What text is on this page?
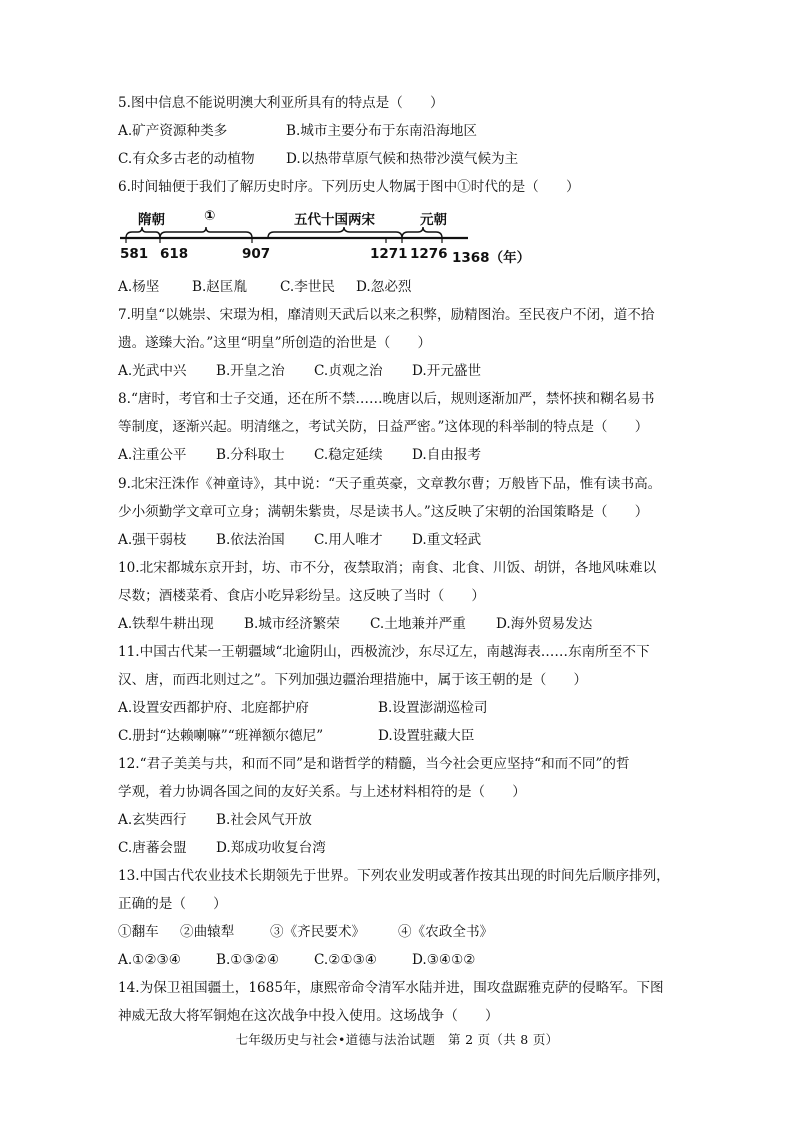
5.图中信息不能说明澳大利亚所具有的特点是（　　）
A.矿产资源种类多	B.城市主要分布于东南沿海地区
C.有众多古老的动植物 D.以热带草原气候和热带沙漠气候为主
6.时间轴便于我们了解历史时序。下列历史人物属于图中①时代的是（　　）
隋朝	①	五代十国两宋	元朝
581 618	907	1271 1276 1368（年）
A.杨坚 B.赵匡胤 C.李世民 D.忽必烈
7.明皇“以姚崇、宋璟为相，靡清则天武后以来之积弊，励精图治。至民夜户不闭，道不拾
遗。遂臻大治。”这里“明皇”所创造的治世是（　　）
A.光武中兴 B.开皇之治 C.贞观之治 D.开元盛世
8.“唐时，考官和士子交通，还在所不禁……晚唐以后，规则逐渐加严，禁怀挟和糊名易书
等制度，逐渐兴起。明清继之，考试关防，日益严密。”这体现的科举制的特点是（　　）
A.注重公平 B.分科取士 C.稳定延续 D.自由报考
9.北宋汪洙作《神童诗》，其中说：“天子重英豪，文章教尔曹；万般皆下品，惟有读书高。
少小须勤学文章可立身；满朝朱紫贵，尽是读书人。”这反映了宋朝的治国策略是（　　）
A.强干弱枝 B.依法治国 C.用人唯才 D.重文轻武
10.北宋都城东京开封，坊、市不分，夜禁取消；南食、北食、川饭、胡饼，各地风味难以
尽数；酒楼菜肴、食店小吃异彩纷呈。这反映了当时（　　）
A.铁犁牛耕出现 B.城市经济繁荣 C.土地兼并严重 D.海外贸易发达
11.中国古代某一王朝疆域“北逾阴山，西极流沙，东尽辽左，南越海表……东南所至不下
汉、唐，而西北则过之”。下列加强边疆治理措施中，属于该王朝的是（　　）
A.设置安西都护府、北庭都护府	B.设置澎湖巡检司
C.册封“达赖喇嘛”“班禅额尔德尼”	D.设置驻藏大臣
12.“君子美美与共，和而不同”是和谐哲学的精髓，当今社会更应坚持“和而不同”的哲
学观，着力协调各国之间的友好关系。与上述材料相符的是（　　）
A.玄奘西行 B.社会风气开放
C.唐蕃会盟 D.郑成功收复台湾
13.中国古代农业技术长期领先于世界。下列农业发明或著作按其出现的时间先后顺序排列，
正确的是（　　）
①翻车 ②曲辕犁	③《齐民要术》 ④《农政全书》
A.①②③④	B.①③②④	C.②①③④	D.③④①②
14.为保卫祖国疆土，1685年，康熙帝命令清军水陆并进，围攻盘踞雅克萨的侵略军。下图
神威无敌大将军铜炮在这次战争中投入使用。这场战争（　　）
七年级历史与社会•道德与法治试题　第 2 页（共 8 页）
